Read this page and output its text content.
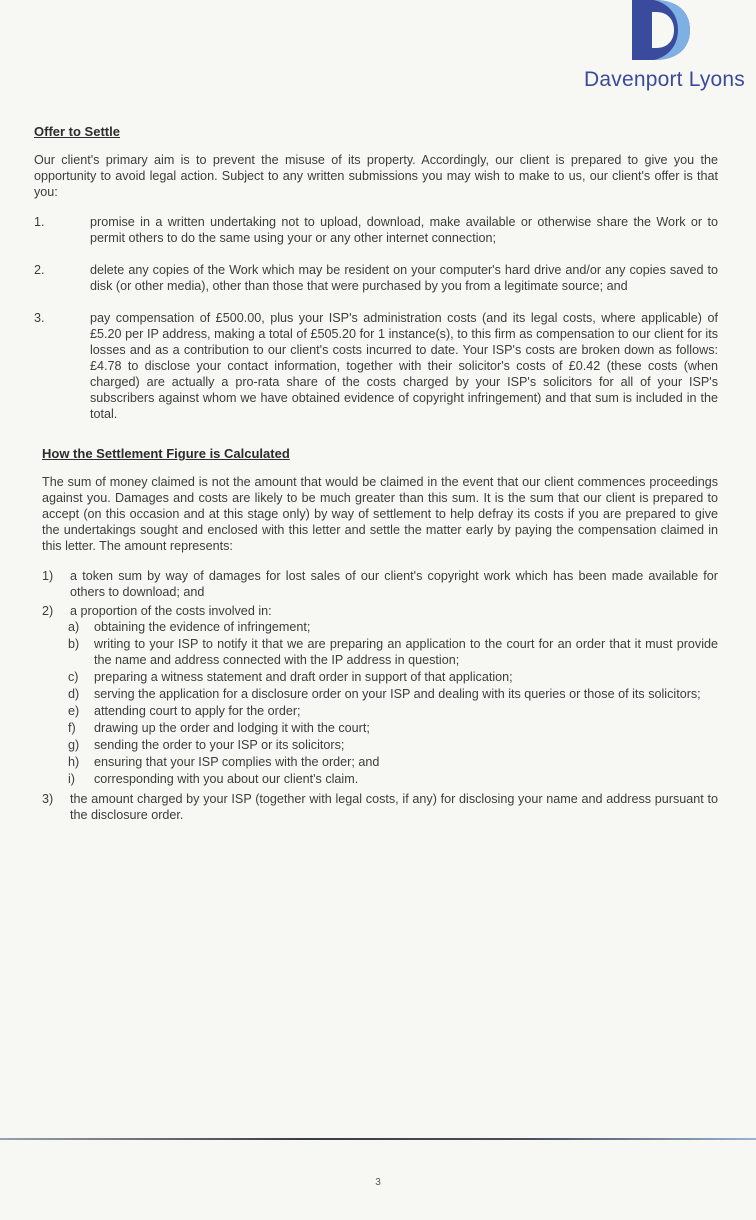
Davenport Lyons
Offer to Settle

Our client's primary aim is to prevent the misuse of its property. Accordingly, our client is prepared to give you the opportunity to avoid legal action. Subject to any written submissions you may wish to make to us, our client's offer is that you:

1.	promise in a written undertaking not to upload, download, make available or otherwise share the Work or to permit others to do the same using your or any other internet connection;
2.	delete any copies of the Work which may be resident on your computer's hard drive and/or any copies saved to disk (or other media), other than those that were purchased by you from a legitimate source; and
3.	pay compensation of £500.00, plus your ISP's administration costs (and its legal costs, where applicable) of £5.20 per IP address, making a total of £505.20 for 1 instance(s), to this firm as compensation to our client for its losses and as a contribution to our client's costs incurred to date. Your ISP's costs are broken down as follows: £4.78 to disclose your contact information, together with their solicitor's costs of £0.42 (these costs (when charged) are actually a pro-rata share of the costs charged by your ISP's solicitors for all of your ISP's subscribers against whom we have obtained evidence of copyright infringement) and that sum is included in the total.
How the Settlement Figure is Calculated

The sum of money claimed is not the amount that would be claimed in the event that our client commences proceedings against you. Damages and costs are likely to be much greater than this sum. It is the sum that our client is prepared to accept (on this occasion and at this stage only) by way of settlement to help defray its costs if you are prepared to give the undertakings sought and enclosed with this letter and settle the matter early by paying the compensation claimed in this letter. The amount represents:

1)	a token sum by way of damages for lost sales of our client's copyright work which has been made available for others to download; and
2)	a proportion of the costs involved in:
a)	obtaining the evidence of infringement;
b)	writing to your ISP to notify it that we are preparing an application to the court for an order that it must provide the name and address connected with the IP address in question;
c)	preparing a witness statement and draft order in support of that application;
d)	serving the application for a disclosure order on your ISP and dealing with its queries or those of its solicitors;
e)	attending court to apply for the order;
f)	drawing up the order and lodging it with the court;
g)	sending the order to your ISP or its solicitors;
h)	ensuring that your ISP complies with the order; and
i)	corresponding with you about our client's claim.
3)	the amount charged by your ISP (together with legal costs, if any) for disclosing your name and address pursuant to the disclosure order.
3
